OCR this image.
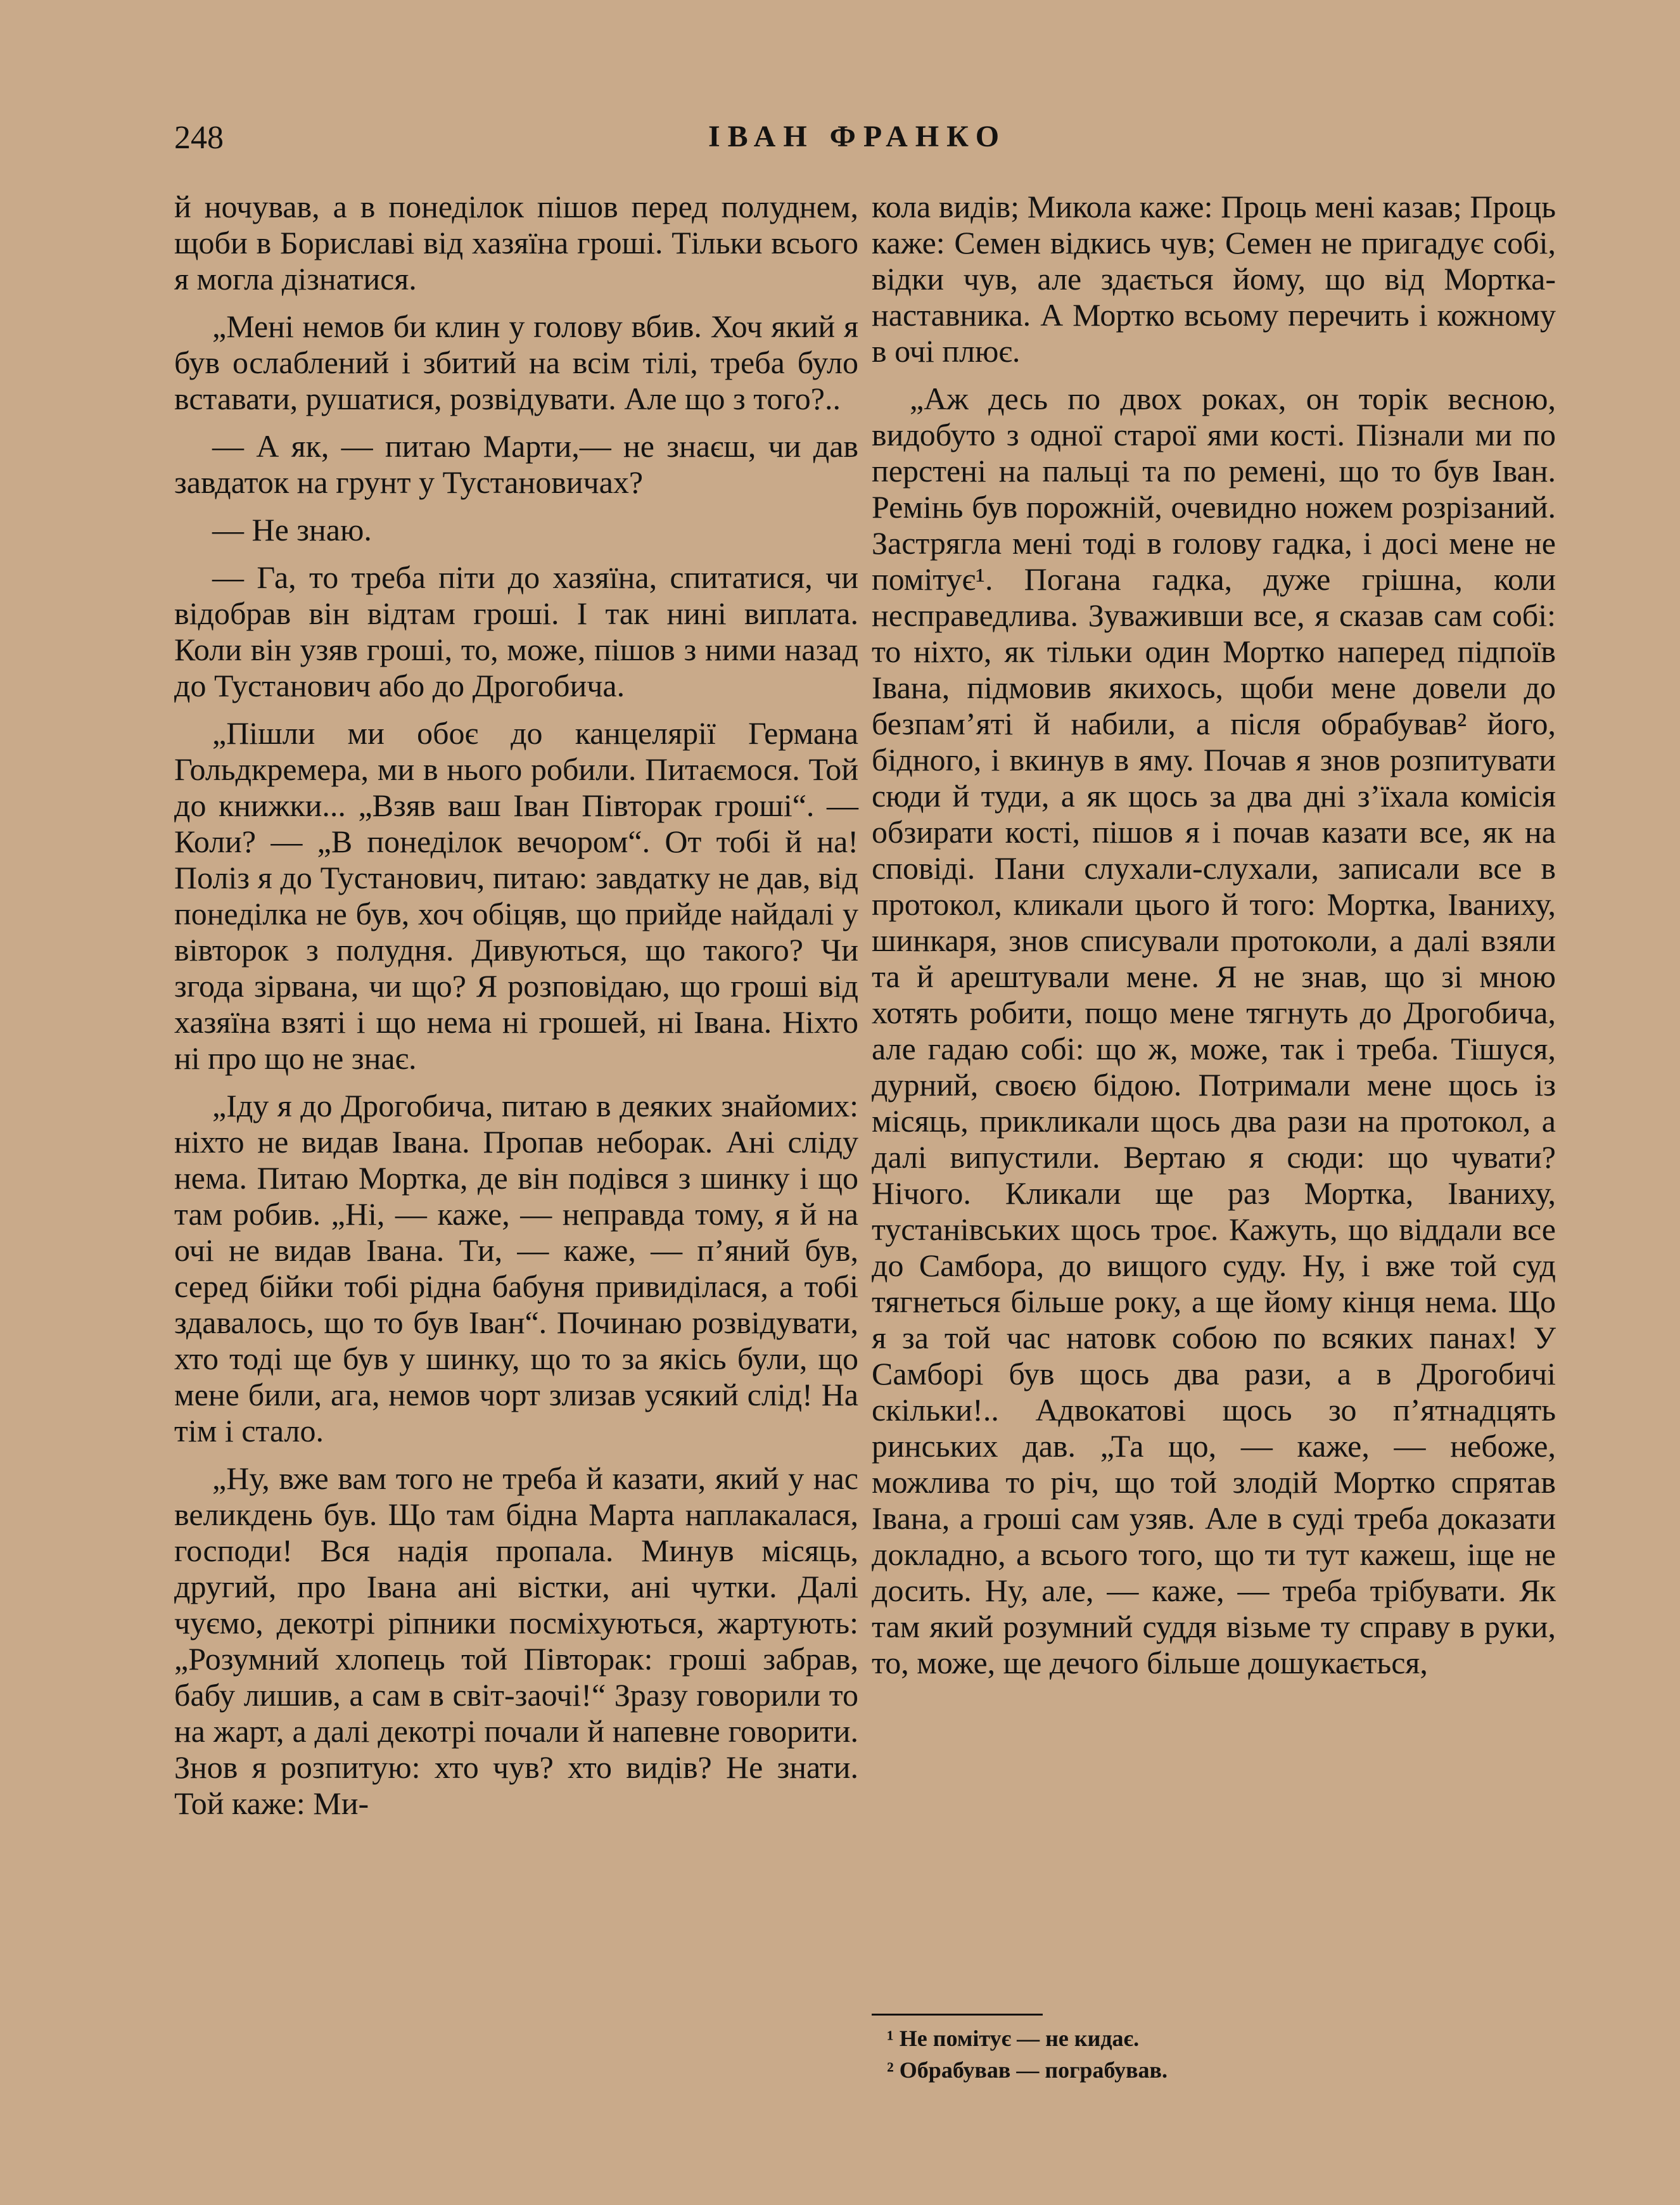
248	ІВАН ФРАНКО

й ночував, а в понеділок пішов перед полуднем, щоби в Бориславі від хазяїна гроші. Тільки всього я могла дізнатися.

„Мені немов би клин у голову вбив. Хоч який я був ослаблений і збитий на всім тілі, треба було вставати, рушатися, розвідувати. Але що з того?..

— А як, — питаю Марти,— не знаєш, чи дав завдаток на грунт у Тустановичах?

— Не знаю.

— Га, то треба піти до хазяїна, спитатися, чи відобрав він відтам гроші. І так нині виплата. Коли він узяв гроші, то, може, пішов з ними назад до Тустанович або до Дрогобича.

„Пішли ми обоє до канцелярії Германа Гольдкремера, ми в нього робили. Питаємося. Той до книжки... „Взяв ваш Іван Півторак гроші“. — Коли? — „В понеділок вечором“. От тобі й на! Поліз я до Тустанович, питаю: завдатку не дав, від понеділка не був, хоч обіцяв, що прийде найдалі у вівторок з полудня. Дивуються, що такого? Чи згода зірвана, чи що? Я розповідаю, що гроші від хазяїна взяті і що нема ні грошей, ні Івана. Ніхто ні про що не знає.

„Іду я до Дрогобича, питаю в деяких знайомих: ніхто не видав Івана. Пропав неборак. Ані сліду нема. Питаю Мортка, де він подівся з шинку і що там робив. „Ні, — каже, — неправда тому, я й на очі не видав Івана. Ти, — каже, — п’яний був, серед бійки тобі рідна бабуня привиділася, а тобі здавалось, що то був Іван“. Починаю розвідувати, хто тоді ще був у шинку, що то за якісь були, що мене били, ага, немов чорт злизав усякий слід! На тім і стало.

„Ну, вже вам того не треба й казати, який у нас великдень був. Що там бідна Марта наплакалася, господи! Вся надія пропала. Минув місяць, другий, про Івана ані вістки, ані чутки. Далі чуємо, декотрі ріпники посміхуються, жартують: „Розумний хлопець той Півторак: гроші забрав, бабу лишив, а сам в світ-заочі!“ Зразу говорили то на жарт, а далі декотрі почали й напевне говорити. Знов я розпитую: хто чув? хто видів? Не знати. Той каже: Ми-

кола видів; Микола каже: Проць мені казав; Проць каже: Семен відкись чув; Семен не пригадує собі, відки чув, але здається йому, що від Мортка-наставника. А Мортко всьому перечить і кожному в очі плює.

„Аж десь по двох роках, он торік весною, видобуто з одної старої ями кості. Пізнали ми по перстені на пальці та по ремені, що то був Іван. Ремінь був порожній, очевидно ножем розрізаний. Застрягла мені тоді в голову гадка, і досі мене не помітує¹. Погана гадка, дуже грішна, коли несправедлива. Зуваживши все, я сказав сам собі: то ніхто, як тільки один Мортко наперед підпоїв Івана, підмовив якихось, щоби мене довели до безпам’яті й набили, а після обрабував² його, бідного, і вкинув в яму. Почав я знов розпитувати сюди й туди, а як щось за два дні з’їхала комісія обзирати кості, пішов я і почав казати все, як на сповіді. Пани слухали-слухали, записали все в протокол, кликали цього й того: Мортка, Іваниху, шинкаря, знов списували протоколи, а далі взяли та й арештували мене. Я не знав, що зі мною хотять робити, пощо мене тягнуть до Дрогобича, але гадаю собі: що ж, може, так і треба. Тішуся, дурний, своєю бідою. Потримали мене щось із місяць, прикликали щось два рази на протокол, а далі випустили. Вертаю я сюди: що чувати? Нічого. Кликали ще раз Мортка, Іваниху, тустанівських щось троє. Кажуть, що віддали все до Самбора, до вищого суду. Ну, і вже той суд тягнеться більше року, а ще йому кінця нема. Що я за той час натовк собою по всяких панах! У Самборі був щось два рази, а в Дрогобичі скільки!.. Адвокатові щось зо п’ятнадцять ринських дав. „Та що, — каже, — небоже, можлива то річ, що той злодій Мортко спрятав Івана, а гроші сам узяв. Але в суді треба доказати докладно, а всього того, що ти тут кажеш, іще не досить. Ну, але, — каже, — треба трібувати. Як там який розумний суддя візьме ту справу в руки, то, може, ще дечого більше дошукається,

¹ Не помітує — не кидає.

² Обрабував — пограбував.
